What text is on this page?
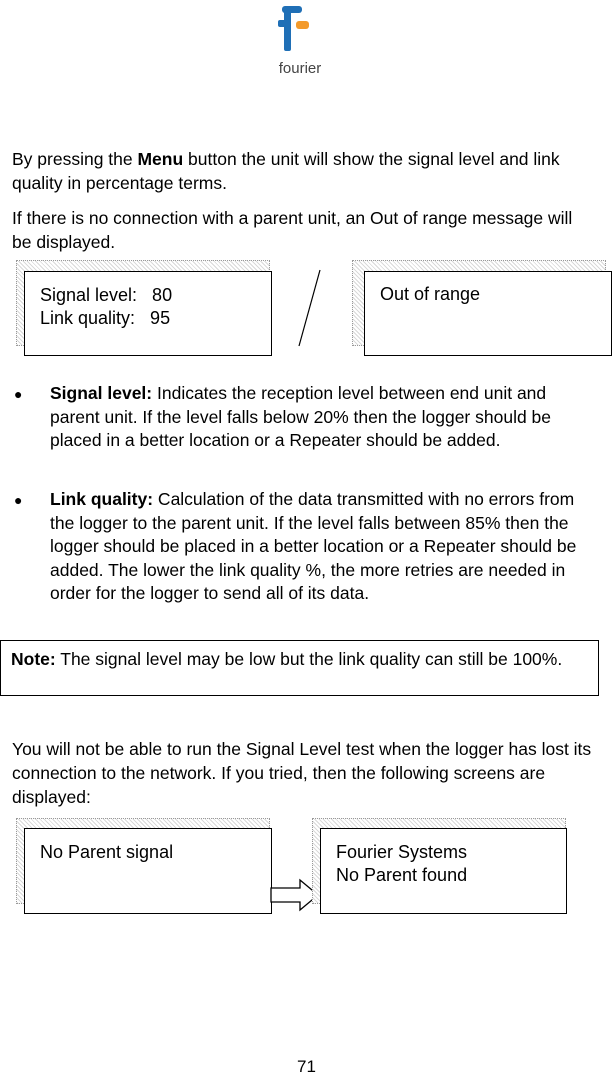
fourier

By pressing the Menu button the unit will show the signal level and link quality in percentage terms.

If there is no connection with a parent unit, an Out of range message will be displayed.

Signal level:   80
Link quality:   95
Out of range
● Signal level: Indicates the reception level between end unit and parent unit. If the level falls below 20% then the logger should be placed in a better location or a Repeater should be added.

● Link quality: Calculation of the data transmitted with no errors from the logger to the parent unit. If the level falls between 85% then the logger should be placed in a better location or a Repeater should be added. The lower the link quality %, the more retries are needed in order for the logger to send all of its data.

Note: The signal level may be low but the link quality can still be 100%.

You will not be able to run the Signal Level test when the logger has lost its connection to the network. If you tried, then the following screens are displayed:

No Parent signal	Fourier Systems
No Parent found
71
